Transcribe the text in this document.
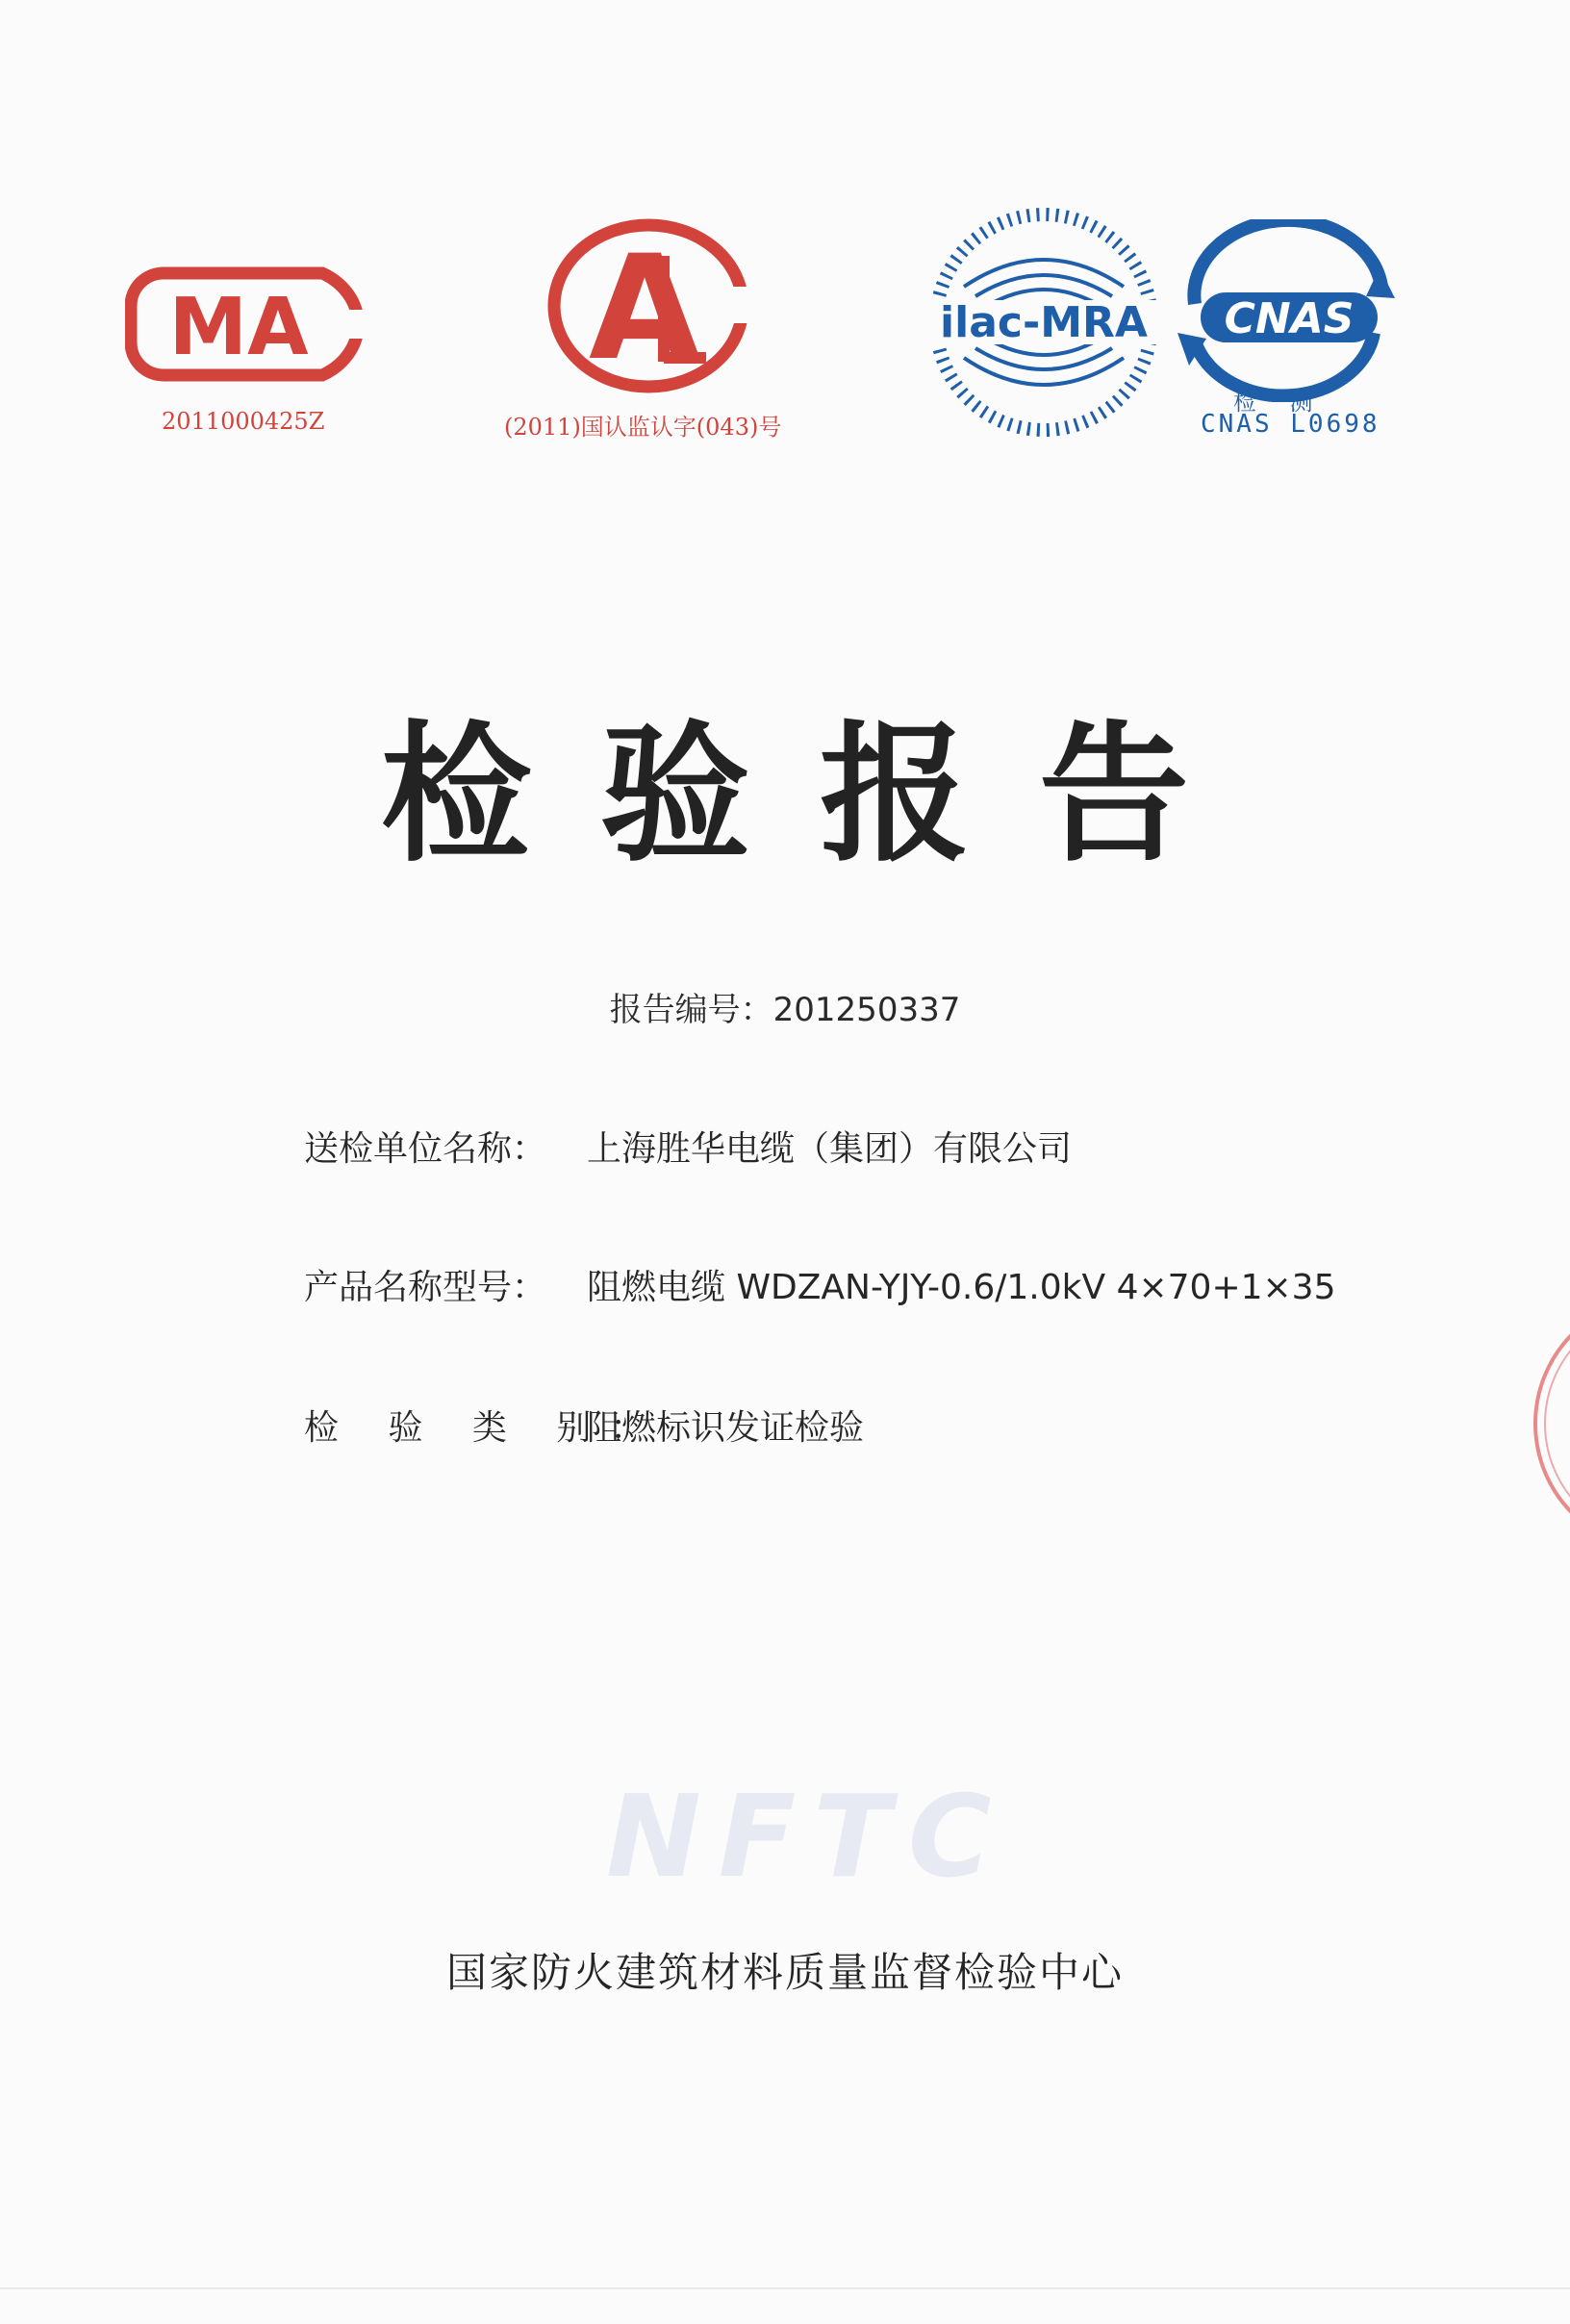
MA
2011000425Z
A
(2011)国认监认字(043)号
ilac-MRA CNAS
检 测
CNAS L0698
检验报告
报告编号：201250337
送检单位名称： 上海胜华电缆（集团）有限公司
产品名称型号： 阻燃电缆 WDZAN-YJY-0.6/1.0kV 4×70+1×35
检 验 类 别：阻燃标识发证检验
NFTC
国家防火建筑材料质量监督检验中心
